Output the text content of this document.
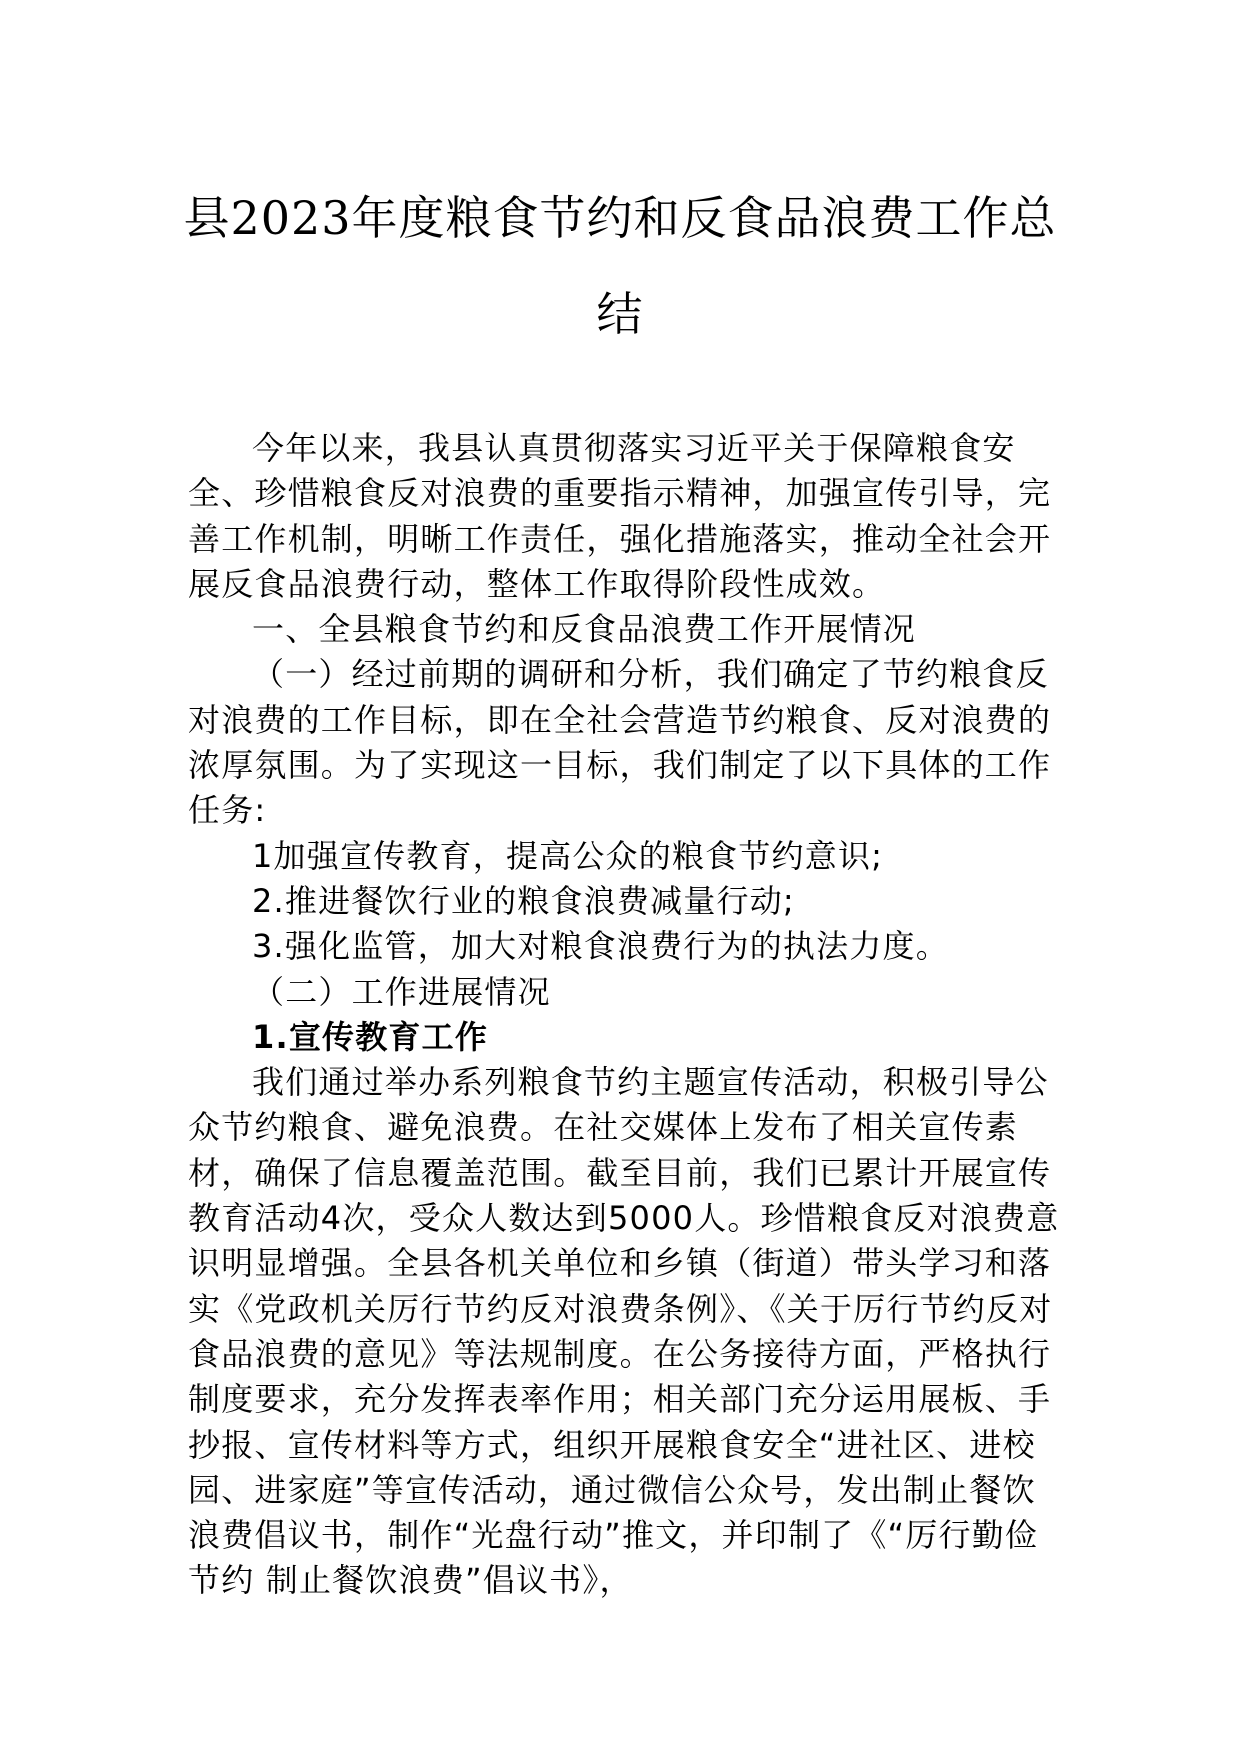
县2023年度粮食节约和反食品浪费工作总
结

今年以来，我县认真贯彻落实习近平关于保障粮食安全、珍惜粮食反对浪费的重要指示精神，加强宣传引导，完善工作机制，明晰工作责任，强化措施落实，推动全社会开展反食品浪费行动，整体工作取得阶段性成效。

一、全县粮食节约和反食品浪费工作开展情况

（一）经过前期的调研和分析，我们确定了节约粮食反对浪费的工作目标，即在全社会营造节约粮食、反对浪费的浓厚氛围。为了实现这一目标，我们制定了以下具体的工作任务:

1加强宣传教育，提高公众的粮食节约意识;

2.推进餐饮行业的粮食浪费减量行动;

3.强化监管，加大对粮食浪费行为的执法力度。

（二）工作进展情况

1.宣传教育工作

我们通过举办系列粮食节约主题宣传活动，积极引导公众节约粮食、避免浪费。在社交媒体上发布了相关宣传素材，确保了信息覆盖范围。截至目前，我们已累计开展宣传教育活动4次，受众人数达到5000人。珍惜粮食反对浪费意识明显增强。全县各机关单位和乡镇（街道）带头学习和落实《党政机关厉行节约反对浪费条例》、《关于厉行节约反对食品浪费的意见》等法规制度。在公务接待方面，严格执行制度要求，充分发挥表率作用；相关部门充分运用展板、手抄报、宣传材料等方式，组织开展粮食安全“进社区、进校园、进家庭”等宣传活动，通过微信公众号，发出制止餐饮浪费倡议书，制作“光盘行动”推文，并印制了《“厉行勤俭节约 制止餐饮浪费”倡议书》，
